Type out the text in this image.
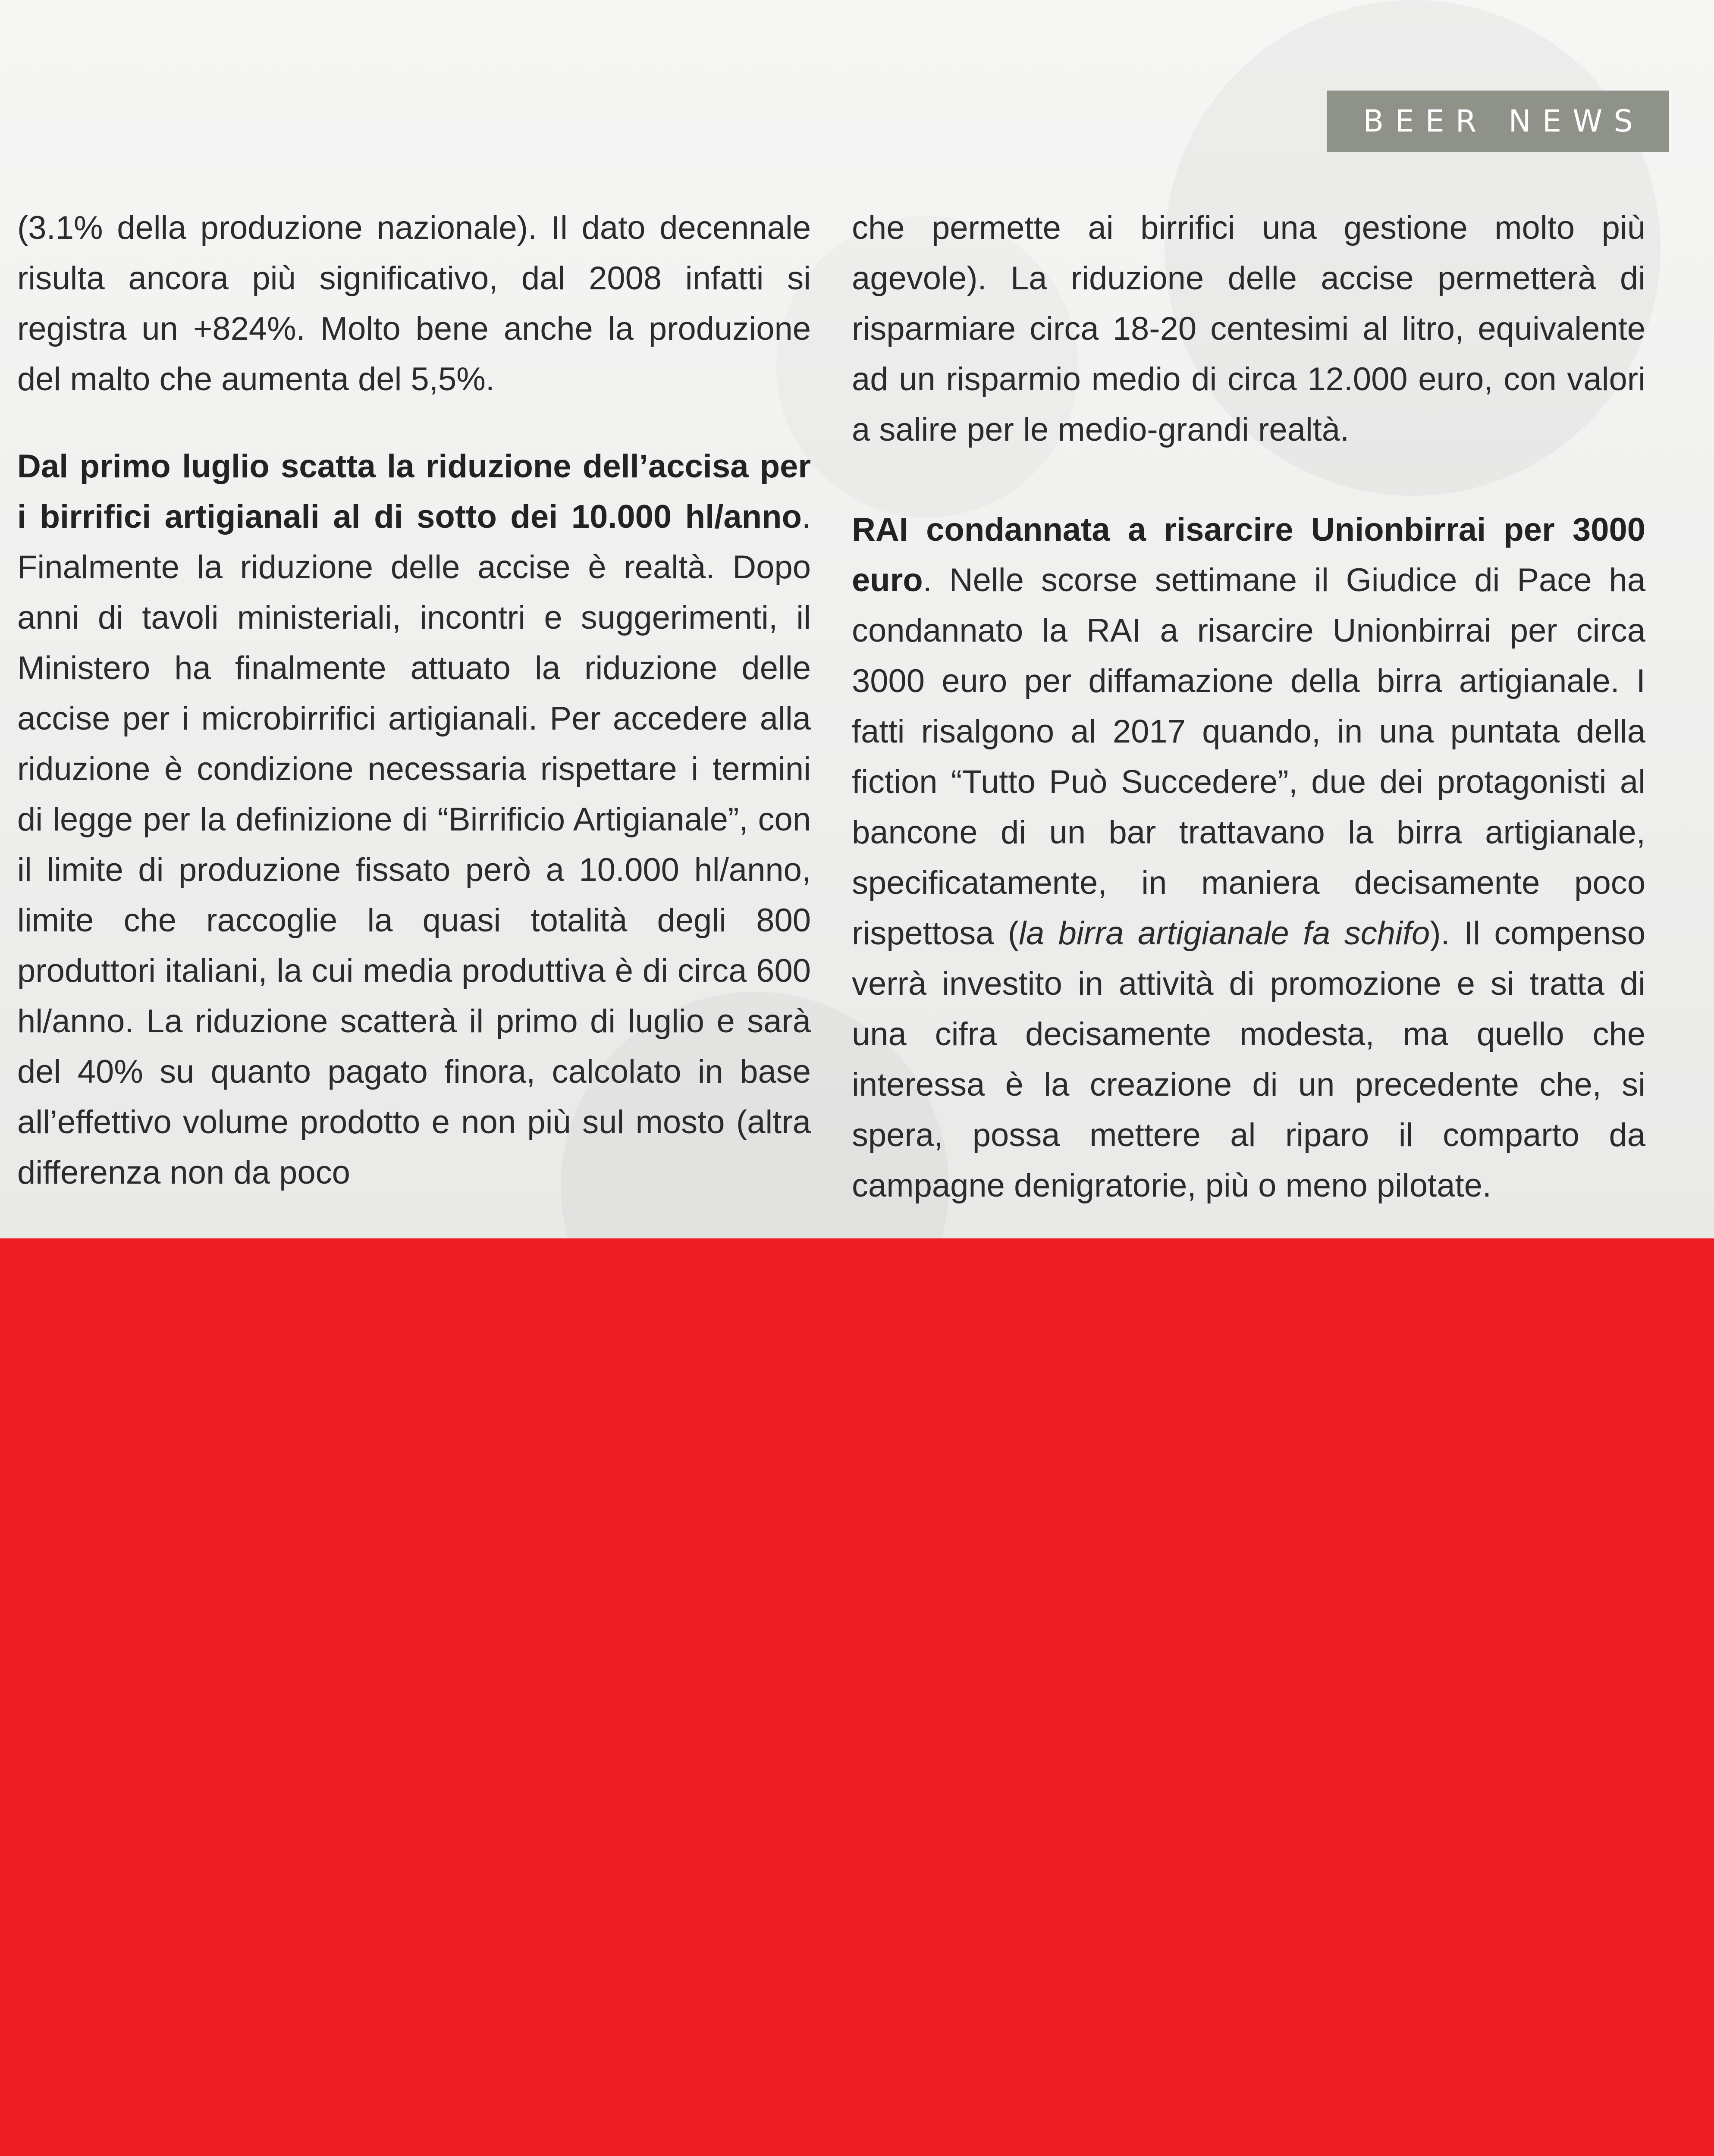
BEER NEWS

(3.1% della produzione nazionale). Il dato decennale risulta ancora più significativo, dal 2008 infatti si registra un +824%. Molto bene anche la produzione del malto che aumenta del 5,5%.

Dal primo luglio scatta la riduzione dell’accisa per i birrifici artigianali al di sotto dei 10.000 hl/anno. Finalmente la riduzione delle accise è realtà. Dopo anni di tavoli ministeriali, incontri e suggerimenti, il Ministero ha finalmente attuato la riduzione delle accise per i microbirrifici artigianali. Per accedere alla riduzione è condizione necessaria rispettare i termini di legge per la definizione di “Birrificio Artigianale”, con il limite di produzione fissato però a 10.000 hl/anno, limite che raccoglie la quasi totalità degli 800 produttori italiani, la cui media produttiva è di circa 600 hl/anno. La riduzione scatterà il primo di luglio e sarà del 40% su quanto pagato finora, calcolato in base all’effettivo volume prodotto e non più sul mosto (altra differenza non da poco

che permette ai birrifici una gestione molto più agevole). La riduzione delle accise permetterà di risparmiare circa 18-20 centesimi al litro, equivalente ad un risparmio medio di circa 12.000 euro, con valori a salire per le medio-grandi realtà.

RAI condannata a risarcire Unionbirrai per 3000 euro. Nelle scorse settimane il Giudice di Pace ha condannato la RAI a risarcire Unionbirrai per circa 3000 euro per diffamazione della birra artigianale. I fatti risalgono al 2017 quando, in una puntata della fiction “Tutto Può Succedere”, due dei protagonisti al bancone di un bar trattavano la birra artigianale, specificatamente, in maniera decisamente poco rispettosa (la birra artigianale fa schifo). Il compenso verrà investito in attività di promozione e si tratta di una cifra decisamente modesta, ma quello che interessa è la creazione di un precedente che, si spera, possa mettere al riparo il comparto da campagne denigratorie, più o meno pilotate.
